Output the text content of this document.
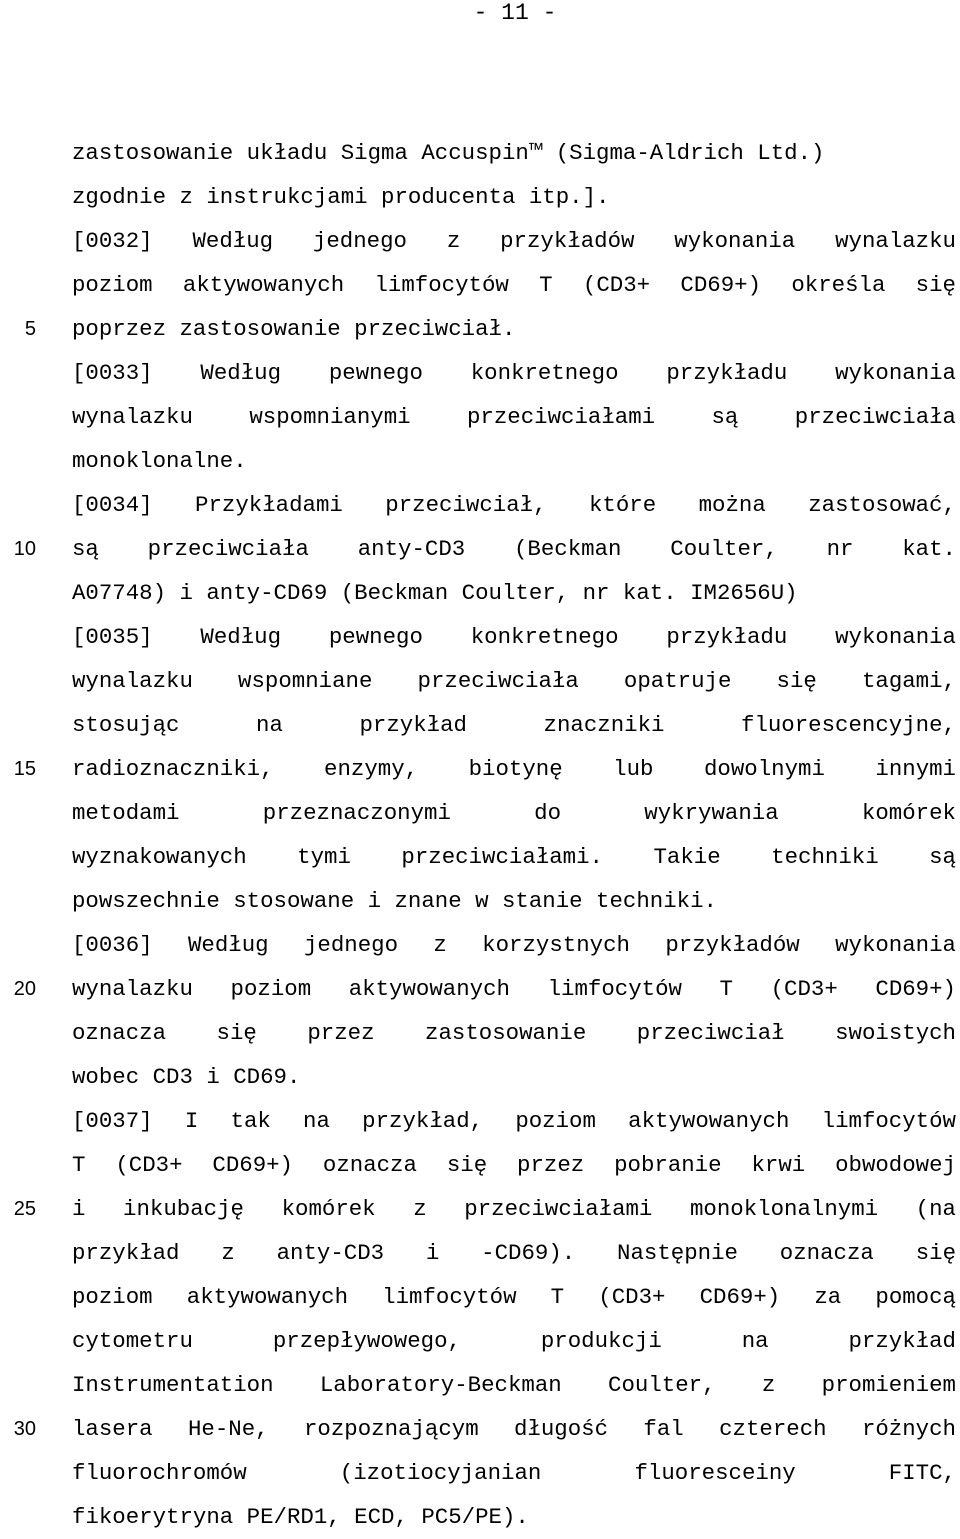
- 11 -
5
10
15
20
25
30
zastosowanie układu Sigma Accuspin™ (Sigma-Aldrich Ltd.)
zgodnie z instrukcjami producenta itp.].
[0032] Według jednego z przykładów wykonania wynalazku
poziom aktywowanych limfocytów T (CD3+ CD69+) określa się
poprzez zastosowanie przeciwciał.
[0033] Według pewnego konkretnego przykładu wykonania
wynalazku wspomnianymi przeciwciałami są przeciwciała
monoklonalne.
[0034] Przykładami przeciwciał, które można zastosować,
są przeciwciała anty-CD3 (Beckman Coulter, nr kat.
A07748) i anty-CD69 (Beckman Coulter, nr kat. IM2656U)
[0035] Według pewnego konkretnego przykładu wykonania
wynalazku wspomniane przeciwciała opatruje się tagami,
stosując na przykład znaczniki fluorescencyjne,
radioznaczniki, enzymy, biotynę lub dowolnymi innymi
metodami przeznaczonymi do wykrywania komórek
wyznakowanych tymi przeciwciałami. Takie techniki są
powszechnie stosowane i znane w stanie techniki.
[0036] Według jednego z korzystnych przykładów wykonania
wynalazku poziom aktywowanych limfocytów T (CD3+ CD69+)
oznacza się przez zastosowanie przeciwciał swoistych
wobec CD3 i CD69.
[0037] I tak na przykład, poziom aktywowanych limfocytów
T (CD3+ CD69+) oznacza się przez pobranie krwi obwodowej
i inkubację komórek z przeciwciałami monoklonalnymi (na
przykład z anty-CD3 i -CD69). Następnie oznacza się
poziom aktywowanych limfocytów T (CD3+ CD69+) za pomocą
cytometru przepływowego, produkcji na przykład
Instrumentation Laboratory-Beckman Coulter, z promieniem
lasera He-Ne, rozpoznającym długość fal czterech różnych
fluorochromów (izotiocyjanian fluoresceiny FITC,
fikoerytryna PE/RD1, ECD, PC5/PE).
